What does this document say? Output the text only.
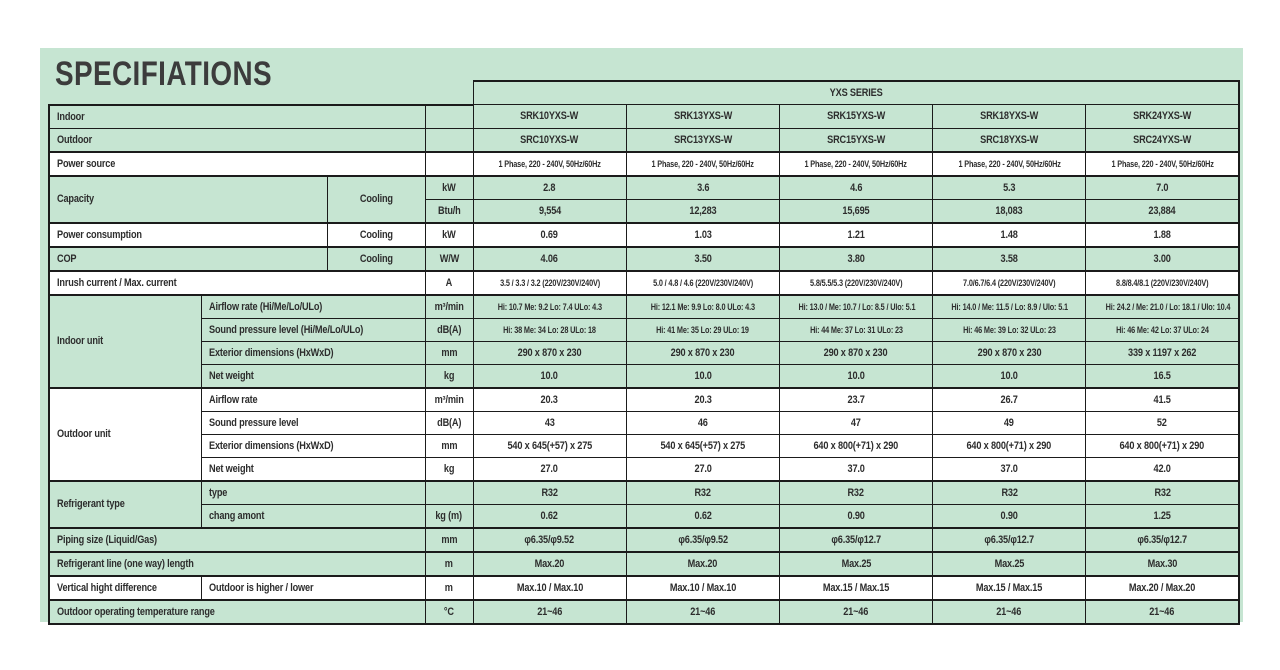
SPECIFIATIONS
				YXS SERIES				
Indoor				SRK10YXS-W	SRK13YXS-W	SRK15YXS-W	SRK18YXS-W	SRK24YXS-W
Outdoor				SRC10YXS-W	SRC13YXS-W	SRC15YXS-W	SRC18YXS-W	SRC24YXS-W
Power source				1 Phase, 220 - 240V, 50Hz/60Hz	1 Phase, 220 - 240V, 50Hz/60Hz	1 Phase, 220 - 240V, 50Hz/60Hz	1 Phase, 220 - 240V, 50Hz/60Hz	1 Phase, 220 - 240V, 50Hz/60Hz
Capacity		Cooling	kW	2.8	3.6	4.6	5.3	7.0
			Btu/h	9,554	12,283	15,695	18,083	23,884
Power consumption		Cooling	kW	0.69	1.03	1.21	1.48	1.88
COP		Cooling	W/W	4.06	3.50	3.80	3.58	3.00
Inrush current / Max. current			A	3.5 / 3.3 / 3.2 (220V/230V/240V)	5.0 / 4.8 / 4.6 (220V/230V/240V)	5.8/5.5/5.3 (220V/230V/240V)	7.0/6.7/6.4 (220V/230V/240V)	8.8/8.4/8.1 (220V/230V/240V)
Indoor unit	Airflow rate (Hi/Me/Lo/ULo)		m³/min	Hi: 10.7 Me: 9.2 Lo: 7.4 ULo: 4.3	Hi: 12.1 Me: 9.9 Lo: 8.0 ULo: 4.3	Hi: 13.0 / Me: 10.7 / Lo: 8.5 / Ulo: 5.1	Hi: 14.0 / Me: 11.5 / Lo: 8.9 / Ulo: 5.1	Hi: 24.2 / Me: 21.0 / Lo: 18.1 / Ulo: 10.4
	Sound pressure level (Hi/Me/Lo/ULo)		dB(A)	Hi: 38 Me: 34 Lo: 28 ULo: 18	Hi: 41 Me: 35 Lo: 29 ULo: 19	Hi: 44 Me: 37 Lo: 31 ULo: 23	Hi: 46 Me: 39 Lo: 32 ULo: 23	Hi: 46 Me: 42 Lo: 37 ULo: 24
	Exterior dimensions (HxWxD)		mm	290 x 870 x 230	290 x 870 x 230	290 x 870 x 230	290 x 870 x 230	339 x 1197 x 262
	Net weight		kg	10.0	10.0	10.0	10.0	16.5
Outdoor unit	Airflow rate		m³/min	20.3	20.3	23.7	26.7	41.5
	Sound pressure level		dB(A)	43	46	47	49	52
	Exterior dimensions (HxWxD)		mm	540 x 645(+57) x 275	540 x 645(+57) x 275	640 x 800(+71) x 290	640 x 800(+71) x 290	640 x 800(+71) x 290
	Net weight		kg	27.0	27.0	37.0	37.0	42.0
Refrigerant type	type			R32	R32	R32	R32	R32
	chang amont		kg (m)	0.62	0.62	0.90	0.90	1.25
Piping size (Liquid/Gas)			mm	φ6.35/φ9.52	φ6.35/φ9.52	φ6.35/φ12.7	φ6.35/φ12.7	φ6.35/φ12.7
Refrigerant line (one way) length			m	Max.20	Max.20	Max.25	Max.25	Max.30
Vertical hight difference	Outdoor is higher / lower		m	Max.10 / Max.10	Max.10 / Max.10	Max.15 / Max.15	Max.15 / Max.15	Max.20 / Max.20
Outdoor operating temperature range			°C	21~46	21~46	21~46	21~46	21~46
